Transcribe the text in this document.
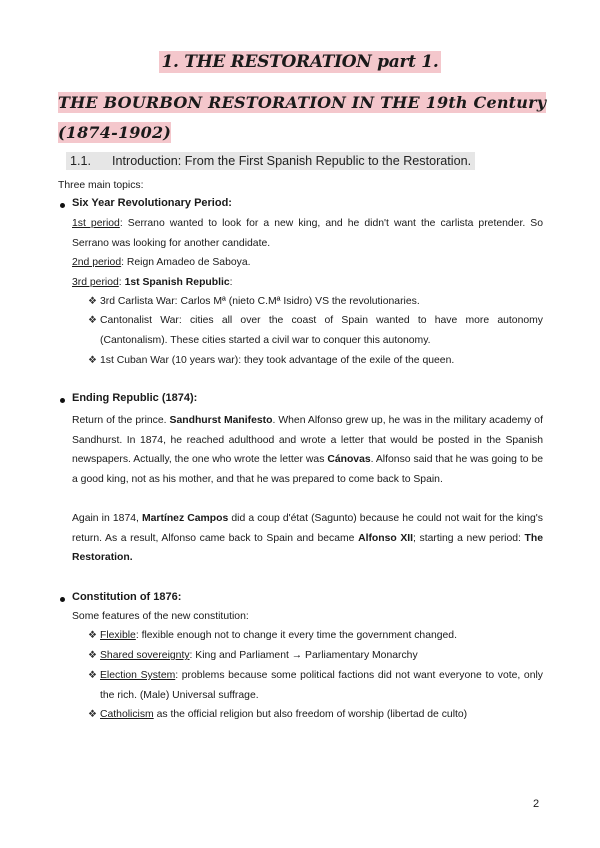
1. THE RESTORATION part 1.
THE BOURBON RESTORATION IN THE 19th Century (1874-1902)
1.1.      Introduction: From the First Spanish Republic to the Restoration.
Three main topics:
Six Year Revolutionary Period:
1st period: Serrano wanted to look for a new king, and he didn't want the carlista pretender. So Serrano was looking for another candidate.
2nd period: Reign Amadeo de Saboya.
3rd period: 1st Spanish Republic:
❖ 3rd Carlista War: Carlos Mª (nieto C.Mª Isidro) VS the revolutionaries.
❖ Cantonalist War: cities all over the coast of Spain wanted to have more autonomy (Cantonalism). These cities started a civil war to conquer this autonomy.
❖ 1st Cuban War (10 years war): they took advantage of the exile of the queen.
Ending Republic (1874):
Return of the prince. Sandhurst Manifesto. When Alfonso grew up, he was in the military academy of Sandhurst. In 1874, he reached adulthood and wrote a letter that would be posted in the Spanish newspapers. Actually, the one who wrote the letter was Cánovas. Alfonso said that he was going to be a good king, not as his mother, and that he was prepared to come back to Spain.
Again in 1874, Martínez Campos did a coup d'état (Sagunto) because he could not wait for the king's return. As a result, Alfonso came back to Spain and became Alfonso XII; starting a new period: The Restoration.
Constitution of 1876:
Some features of the new constitution:
❖ Flexible: flexible enough not to change it every time the government changed.
❖ Shared sovereignty: King and Parliament → Parliamentary Monarchy
❖ Election System: problems because some political factions did not want everyone to vote, only the rich. (Male) Universal suffrage.
❖ Catholicism as the official religion but also freedom of worship (libertad de culto)
2
